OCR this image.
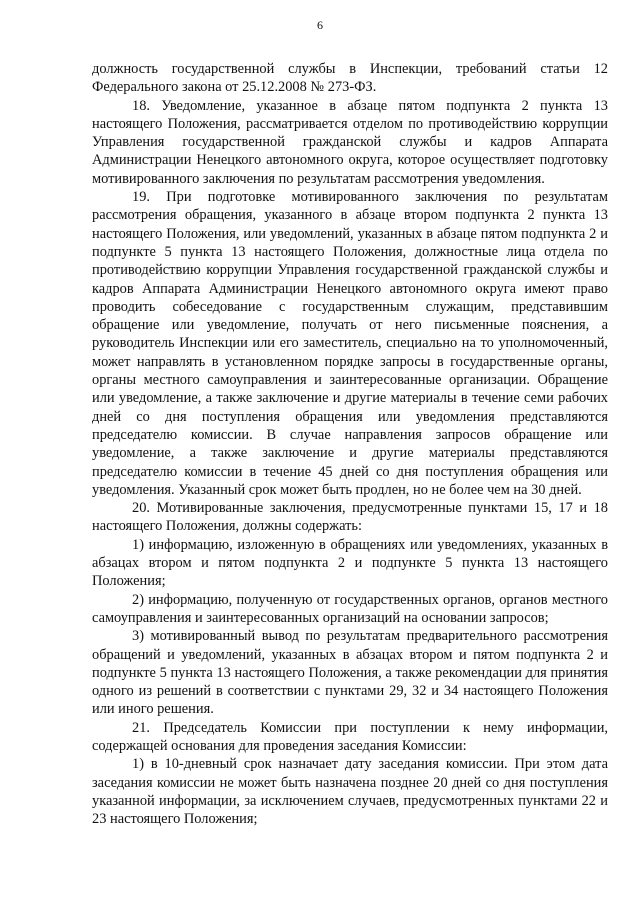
6

должность государственной службы в Инспекции, требований статьи 12 Федерального закона от 25.12.2008 № 273-ФЗ.

18. Уведомление, указанное в абзаце пятом подпункта 2 пункта 13 настоящего Положения, рассматривается отделом по противодействию коррупции Управления государственной гражданской службы и кадров Аппарата Администрации Ненецкого автономного округа, которое осуществляет подготовку мотивированного заключения по результатам рассмотрения уведомления.

19. При подготовке мотивированного заключения по результатам рассмотрения обращения, указанного в абзаце втором подпункта 2 пункта 13 настоящего Положения, или уведомлений, указанных в абзаце пятом подпункта 2 и подпункте 5 пункта 13 настоящего Положения, должностные лица отдела по противодействию коррупции Управления государственной гражданской службы и кадров Аппарата Администрации Ненецкого автономного округа имеют право проводить собеседование с государственным служащим, представившим обращение или уведомление, получать от него письменные пояснения, а руководитель Инспекции или его заместитель, специально на то уполномоченный, может направлять в установленном порядке запросы в государственные органы, органы местного самоуправления и заинтересованные организации. Обращение или уведомление, а также заключение и другие материалы в течение семи рабочих дней со дня поступления обращения или уведомления представляются председателю комиссии. В случае направления запросов обращение или уведомление, а также заключение и другие материалы представляются председателю комиссии в течение 45 дней со дня поступления обращения или уведомления. Указанный срок может быть продлен, но не более чем на 30 дней.

20. Мотивированные заключения, предусмотренные пунктами 15, 17 и 18 настоящего Положения, должны содержать:

1) информацию, изложенную в обращениях или уведомлениях, указанных в абзацах втором и пятом подпункта 2 и подпункте 5 пункта 13 настоящего Положения;

2) информацию, полученную от государственных органов, органов местного самоуправления и заинтересованных организаций на основании запросов;

3) мотивированный вывод по результатам предварительного рассмотрения обращений и уведомлений, указанных в абзацах втором и пятом подпункта 2 и подпункте 5 пункта 13 настоящего Положения, а также рекомендации для принятия одного из решений в соответствии с пунктами 29, 32 и 34 настоящего Положения или иного решения.

21. Председатель Комиссии при поступлении к нему информации, содержащей основания для проведения заседания Комиссии:

1) в 10-дневный срок назначает дату заседания комиссии. При этом дата заседания комиссии не может быть назначена позднее 20 дней со дня поступления указанной информации, за исключением случаев, предусмотренных пунктами 22 и 23 настоящего Положения;
